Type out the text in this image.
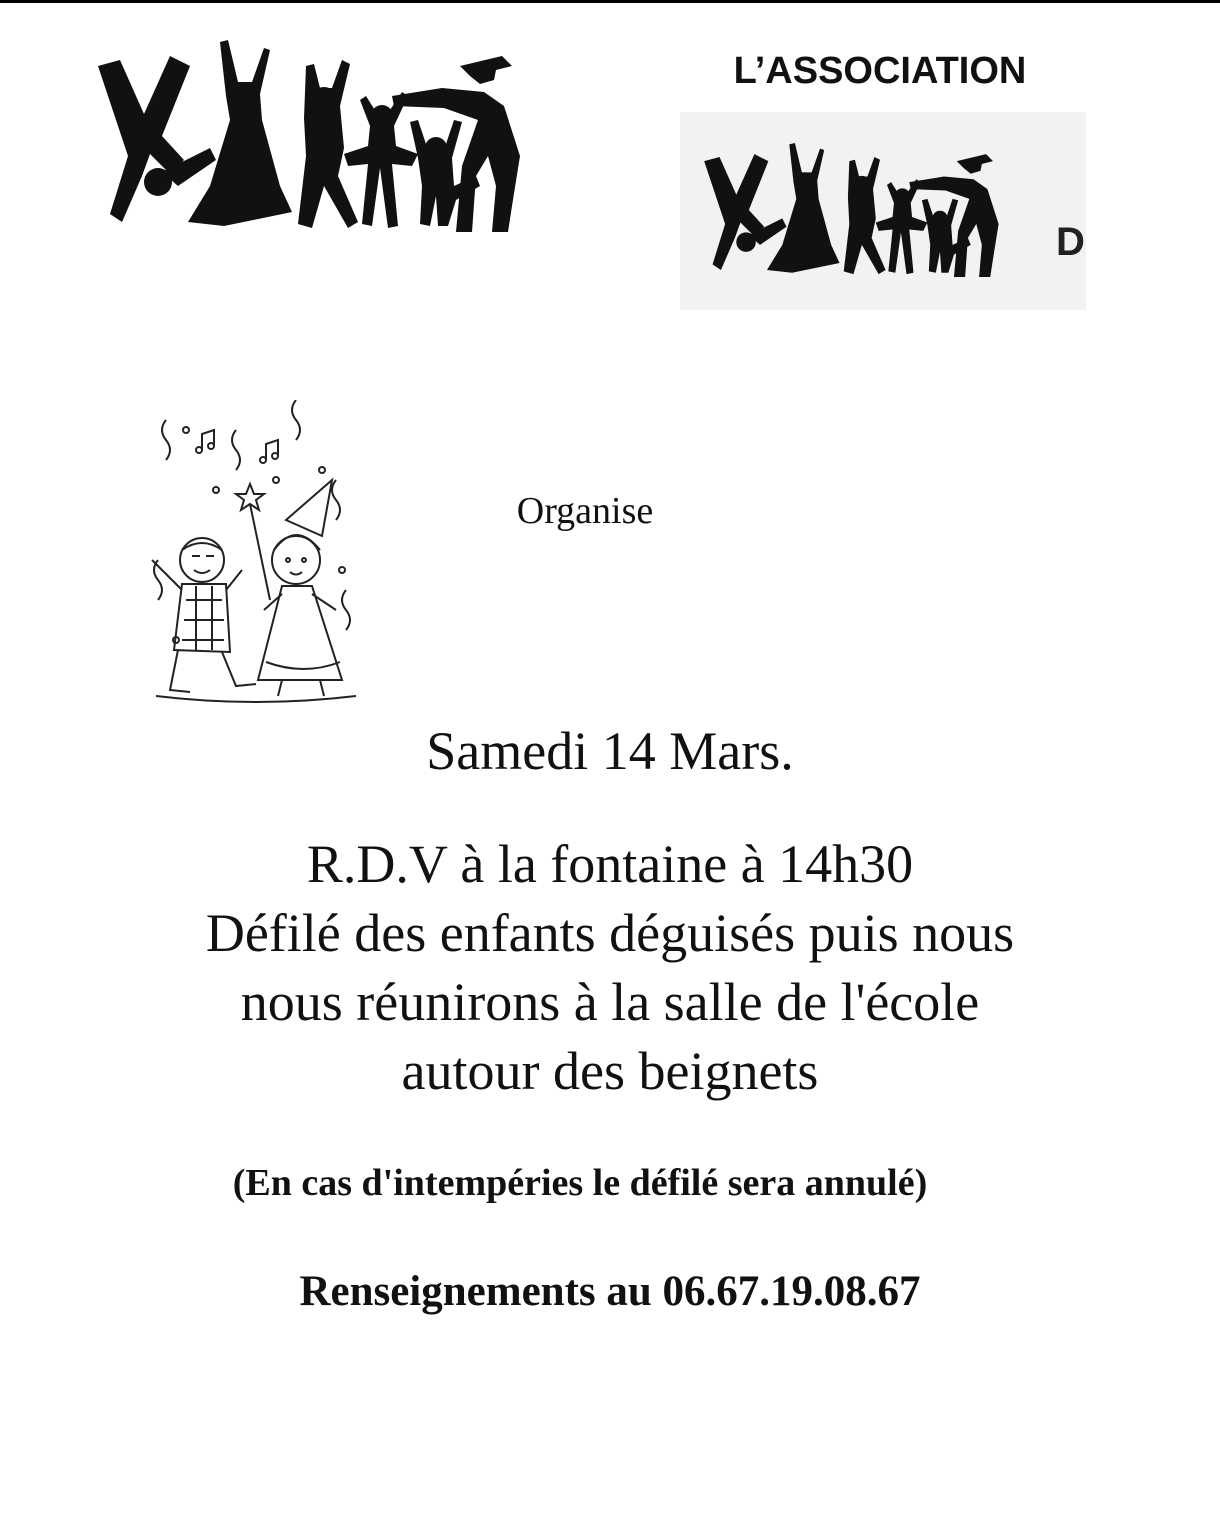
L’ASSOCIATION
D
Organise
Samedi 14 Mars.

R.D.V à la fontaine à 14h30
Défilé des enfants déguisés puis nous
nous réunirons à la salle de l'école
autour des beignets

(En cas d'intempéries le défilé sera annulé)
Renseignements au 06.67.19.08.67
